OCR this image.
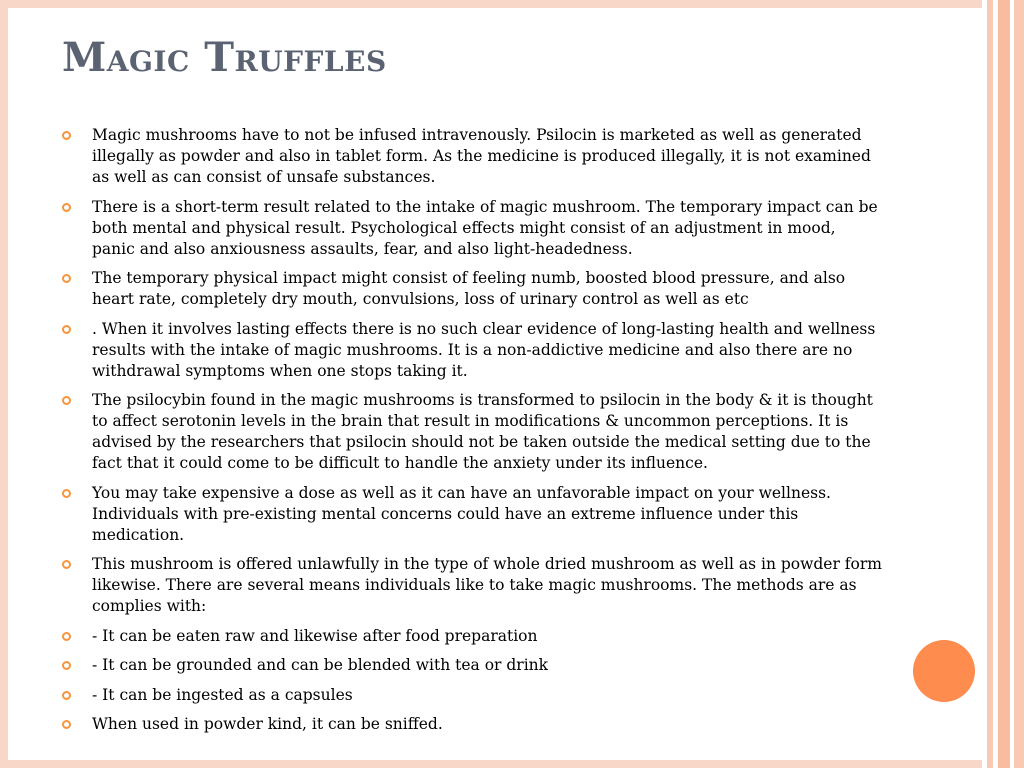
Magic Truffles
Magic mushrooms have to not be infused intravenously. Psilocin is marketed as well as generated illegally as powder and also in tablet form. As the medicine is produced illegally, it is not examined as well as can consist of unsafe substances.
There is a short-term result related to the intake of magic mushroom. The temporary impact can be both mental and physical result. Psychological effects might consist of an adjustment in mood, panic and also anxiousness assaults, fear, and also light-headedness.
The temporary physical impact might consist of feeling numb, boosted blood pressure, and also heart rate, completely dry mouth, convulsions, loss of urinary control as well as etc
. When it involves lasting effects there is no such clear evidence of long-lasting health and wellness results with the intake of magic mushrooms. It is a non-addictive medicine and also there are no withdrawal symptoms when one stops taking it.
The psilocybin found in the magic mushrooms is transformed to psilocin in the body & it is thought to affect serotonin levels in the brain that result in modifications & uncommon perceptions. It is advised by the researchers that psilocin should not be taken outside the medical setting due to the fact that it could come to be difficult to handle the anxiety under its influence.
You may take expensive a dose as well as it can have an unfavorable impact on your wellness. Individuals with pre-existing mental concerns could have an extreme influence under this medication.
This mushroom is offered unlawfully in the type of whole dried mushroom as well as in powder form likewise. There are several means individuals like to take magic mushrooms. The methods are as complies with:
- It can be eaten raw and likewise after food preparation
- It can be grounded and can be blended with tea or drink
- It can be ingested as a capsules
When used in powder kind, it can be sniffed.
